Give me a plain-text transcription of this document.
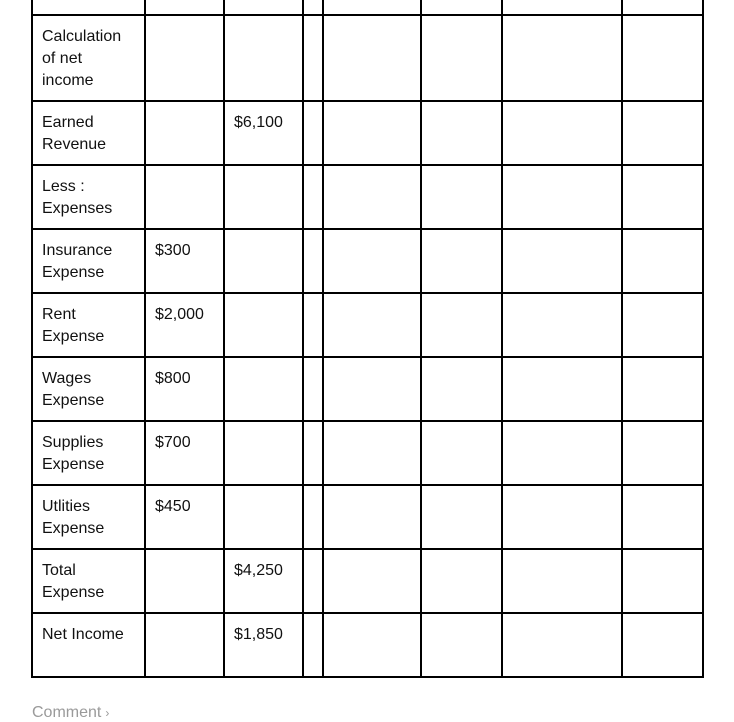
Calculation of net income							

Earned Revenue		$6,100					

Less : Expenses							

Insurance Expense	$300						

Rent Expense	$2,000						

Wages Expense	$800						

Supplies Expense	$700						

Utlities Expense	$450						

Total Expense		$4,250					

Net Income		$1,850					

Comment ›
